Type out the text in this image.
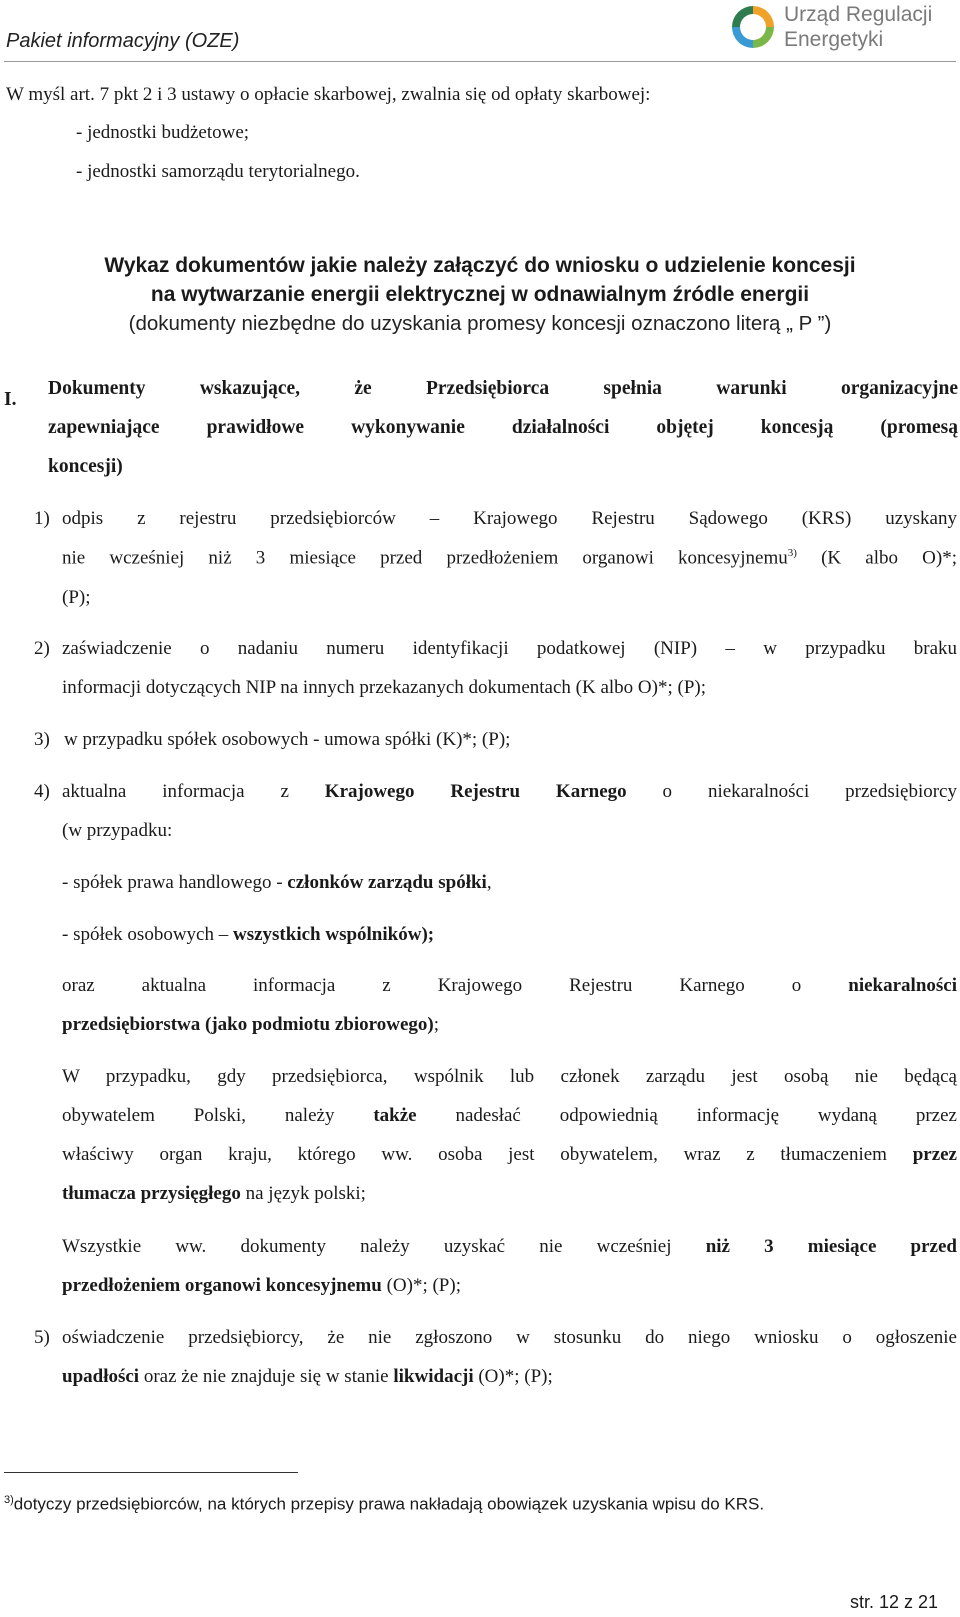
Pakiet informacyjny (OZE)
Urząd Regulacji
Energetyki
W myśl art. 7 pkt 2 i 3 ustawy o opłacie skarbowej, zwalnia się od opłaty skarbowej:
- jednostki budżetowe;
- jednostki samorządu terytorialnego.
Wykaz dokumentów jakie należy załączyć do wniosku o udzielenie koncesji
na wytwarzanie energii elektrycznej w odnawialnym źródle energii
(dokumenty niezbędne do uzyskania promesy koncesji oznaczono literą „ P ”)
I.
Dokumenty wskazujące, że Przedsiębiorca spełnia warunki organizacyjne
zapewniające prawidłowe wykonywanie działalności objętej koncesją (promesą
koncesji)
1) odpis z rejestru przedsiębiorców – Krajowego Rejestru Sądowego (KRS) uzyskany
nie wcześniej niż 3 miesiące przed przedłożeniem organowi koncesyjnemu$^{3)}$ (K albo O)*;
(P);
2) zaświadczenie o nadaniu numeru identyfikacji podatkowej (NIP) – w przypadku braku
informacji dotyczących NIP na innych przekazanych dokumentach (K albo O)*; (P);
3) w przypadku spółek osobowych - umowa spółki (K)*; (P);
4) aktualna informacja z Krajowego Rejestru Karnego o niekaralności przedsiębiorcy
(w przypadku:
- spółek prawa handlowego - członków zarządu spółki,
- spółek osobowych – wszystkich wspólników);
oraz aktualna informacja z Krajowego Rejestru Karnego o niekaralności
przedsiębiorstwa (jako podmiotu zbiorowego);
W przypadku, gdy przedsiębiorca, wspólnik lub członek zarządu jest osobą nie będącą
obywatelem Polski, należy także nadesłać odpowiednią informację wydaną przez
właściwy organ kraju, którego ww. osoba jest obywatelem, wraz z tłumaczeniem przez
tłumacza przysięgłego na język polski;
Wszystkie ww. dokumenty należy uzyskać nie wcześniej niż 3 miesiące przed
przedłożeniem organowi koncesyjnemu (O)*; (P);
5) oświadczenie przedsiębiorcy, że nie zgłoszono w stosunku do niego wniosku o ogłoszenie
upadłości oraz że nie znajduje się w stanie likwidacji (O)*; (P);
$^{3)}$dotyczy przedsiębiorców, na których przepisy prawa nakładają obowiązek uzyskania wpisu do KRS.
str. 12 z 21
